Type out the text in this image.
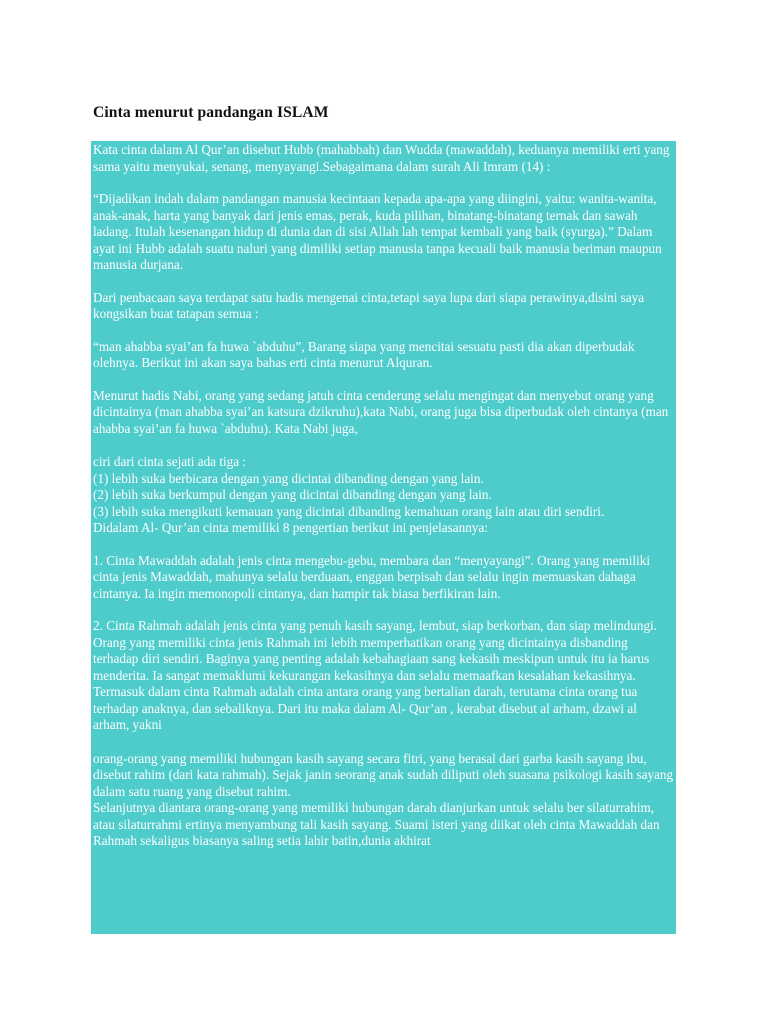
Cinta menurut pandangan ISLAM

Kata cinta dalam Al Qur’an disebut Hubb (mahabbah) dan Wudda (mawaddah), keduanya memiliki erti yang sama yaitu menyukai, senang, menyayangi.Sebagaimana dalam surah Ali Imram (14) :

“Dijadikan indah dalam pandangan manusia kecintaan kepada apa-apa yang diingini, yaitu: wanita-wanita, anak-anak, harta yang banyak dari jenis emas, perak, kuda pilihan, binatang-binatang ternak dan sawah ladang. Itulah kesenangan hidup di dunia dan di sisi Allah lah tempat kembali yang baik (syurga).” Dalam ayat ini Hubb adalah suatu naluri yang dimiliki setiap manusia tanpa kecuali baik manusia beriman maupun manusia durjana.

Dari penbacaan saya terdapat satu hadis mengenai cinta,tetapi saya lupa dari siapa perawinya,disini saya kongsikan buat tatapan semua :

“man ahabba syai’an fa huwa `abduhu”, Barang siapa yang mencitai sesuatu pasti dia akan diperbudak olehnya. Berikut ini akan saya bahas erti cinta menurut Alquran.

Menurut hadis Nabi, orang yang sedang jatuh cinta cenderung selalu mengingat dan menyebut orang yang dicintainya (man ahabba syai’an katsura dzikruhu),kata Nabi, orang juga bisa diperbudak oleh cintanya (man ahabba syai’an fa huwa `abduhu). Kata Nabi juga,

ciri dari cinta sejati ada tiga :
(1) lebih suka berbicara dengan yang dicintai dibanding dengan yang lain.
(2) lebih suka berkumpul dengan yang dicintai dibanding dengan yang lain.
(3) lebih suka mengikuti kemauan yang dicintai dibanding kemahuan orang lain atau diri sendiri.
Didalam Al- Qur’an cinta memiliki 8 pengertian berikut ini penjelasannya:

1. Cinta Mawaddah adalah jenis cinta mengebu-gebu, membara dan “menyayangi”. Orang yang memiliki cinta jenis Mawaddah, mahunya selalu berduaan, enggan berpisah dan selalu ingin memuaskan dahaga cintanya. Ia ingin memonopoli cintanya, dan hampir tak biasa berfikiran lain.

2. Cinta Rahmah adalah jenis cinta yang penuh kasih sayang, lembut, siap berkorban, dan siap melindungi. Orang yang memiliki cinta jenis Rahmah ini lebih memperhatikan orang yang dicintainya disbanding terhadap diri sendiri. Baginya yang penting adalah kebahagiaan sang kekasih meskipun untuk itu ia harus menderita. Ia sangat memaklumi kekurangan kekasihnya dan selalu memaafkan kesalahan kekasihnya. Termasuk dalam cinta Rahmah adalah cinta antara orang yang bertalian darah, terutama cinta orang tua terhadap anaknya, dan sebaliknya. Dari itu maka dalam Al- Qur’an , kerabat disebut al arham, dzawi al arham, yakni

orang-orang yang memiliki hubungan kasih sayang secara fitri, yang berasal dari garba kasih sayang ibu, disebut rahim (dari kata rahmah). Sejak janin seorang anak sudah diliputi oleh suasana psikologi kasih sayang dalam satu ruang yang disebut rahim.
Selanjutnya diantara orang-orang yang memiliki hubungan darah dianjurkan untuk selalu ber silaturrahim, atau silaturrahmi ertinya menyambung tali kasih sayang. Suami isteri yang diikat oleh cinta Mawaddah dan Rahmah sekaligus biasanya saling setia lahir batin,dunia akhirat
